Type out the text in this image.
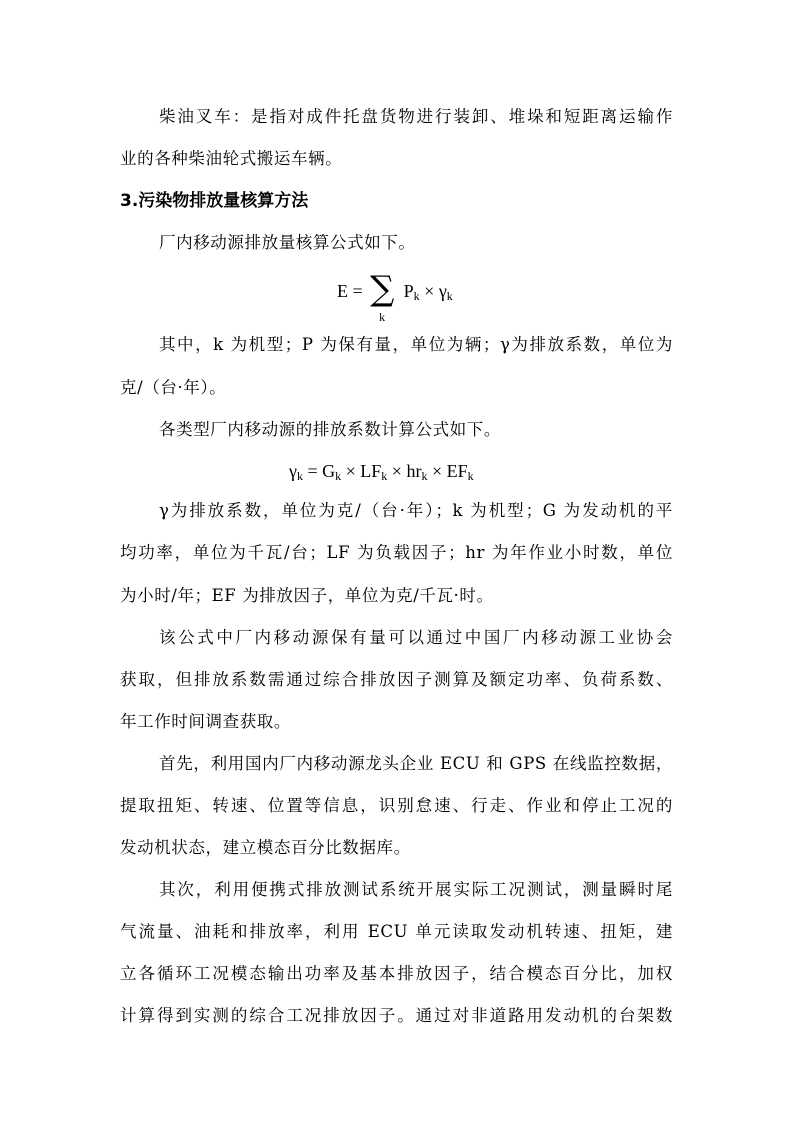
柴油叉车：是指对成件托盘货物进行装卸、堆垛和短距离运输作
业的各种柴油轮式搬运车辆。
3.污染物排放量核算方法
厂内移动源排放量核算公式如下。
E = ∑
k
$P_k \times \gamma_k$
其中，k 为机型；P 为保有量，单位为辆；γ为排放系数，单位为
克/（台·年）。
各类型厂内移动源的排放系数计算公式如下。
$\gamma_k = G_k \times LF_k \times hr_k \times EF_k$
γ为排放系数，单位为克/（台·年）；k 为机型；G 为发动机的平
均功率，单位为千瓦/台；LF 为负载因子；hr 为年作业小时数，单位
为小时/年；EF 为排放因子，单位为克/千瓦·时。
该公式中厂内移动源保有量可以通过中国厂内移动源工业协会
获取，但排放系数需通过综合排放因子测算及额定功率、负荷系数、
年工作时间调查获取。
首先，利用国内厂内移动源龙头企业 ECU 和 GPS 在线监控数据，
提取扭矩、转速、位置等信息，识别怠速、行走、作业和停止工况的
发动机状态，建立模态百分比数据库。
其次，利用便携式排放测试系统开展实际工况测试，测量瞬时尾
气流量、油耗和排放率，利用 ECU 单元读取发动机转速、扭矩，建
立各循环工况模态输出功率及基本排放因子，结合模态百分比，加权
计算得到实测的综合工况排放因子。通过对非道路用发动机的台架数
